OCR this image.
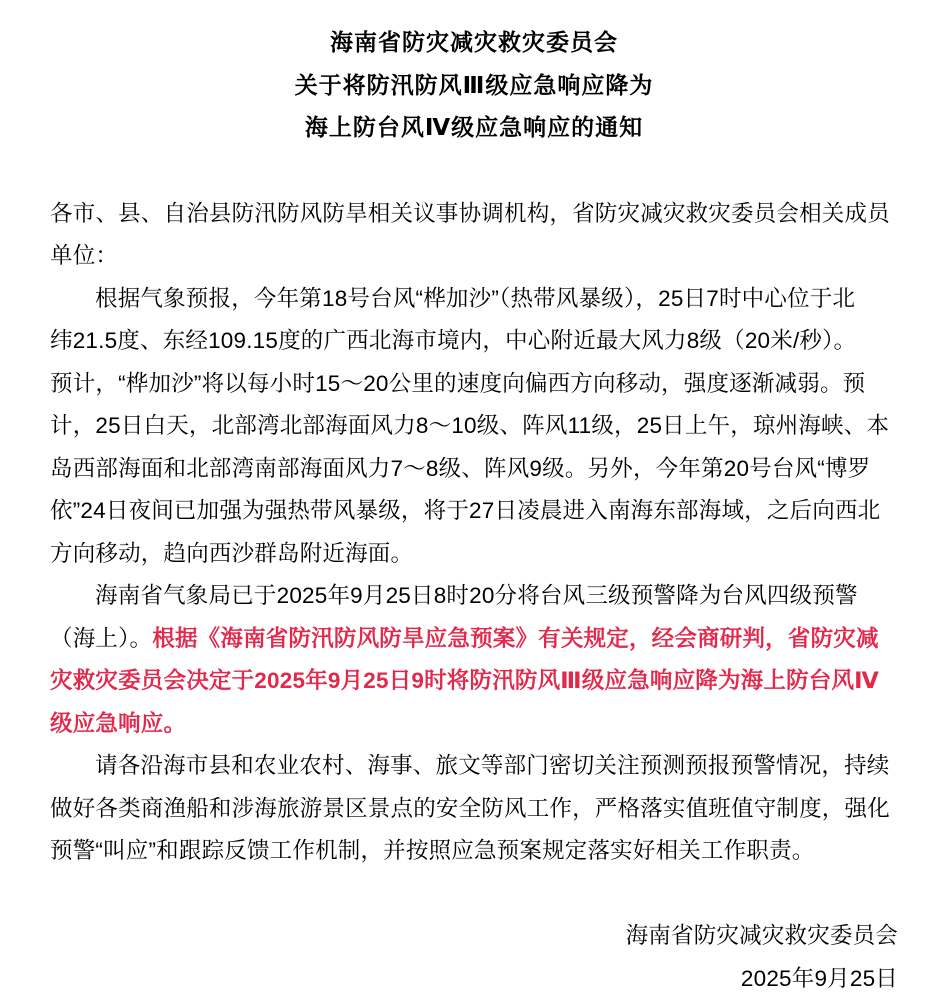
海南省防灾减灾救灾委员会
关于将防汛防风Ⅲ级应急响应降为
海上防台风Ⅳ级应急响应的通知
各市、县、自治县防汛防风防旱相关议事协调机构，省防灾减灾救灾委员会相关成员
单位：
根据气象预报，今年第18号台风“桦加沙”（热带风暴级），25日7时中心位于北
纬21.5度、东经109.15度的广西北海市境内，中心附近最大风力8级（20米/秒）。
预计，“桦加沙”将以每小时15～20公里的速度向偏西方向移动，强度逐渐减弱。预
计，25日白天，北部湾北部海面风力8～10级、阵风11级，25日上午，琼州海峡、本
岛西部海面和北部湾南部海面风力7～8级、阵风9级。另外，今年第20号台风“博罗
依”24日夜间已加强为强热带风暴级，将于27日凌晨进入南海东部海域，之后向西北
方向移动，趋向西沙群岛附近海面。
海南省气象局已于2025年9月25日8时20分将台风三级预警降为台风四级预警
（海上）。根据《海南省防汛防风防旱应急预案》有关规定，经会商研判，省防灾减
灾救灾委员会决定于2025年9月25日9时将防汛防风Ⅲ级应急响应降为海上防台风Ⅳ
级应急响应。
请各沿海市县和农业农村、海事、旅文等部门密切关注预测预报预警情况，持续
做好各类商渔船和涉海旅游景区景点的安全防风工作，严格落实值班值守制度，强化
预警“叫应”和跟踪反馈工作机制，并按照应急预案规定落实好相关工作职责。
海南省防灾减灾救灾委员会
2025年9月25日
